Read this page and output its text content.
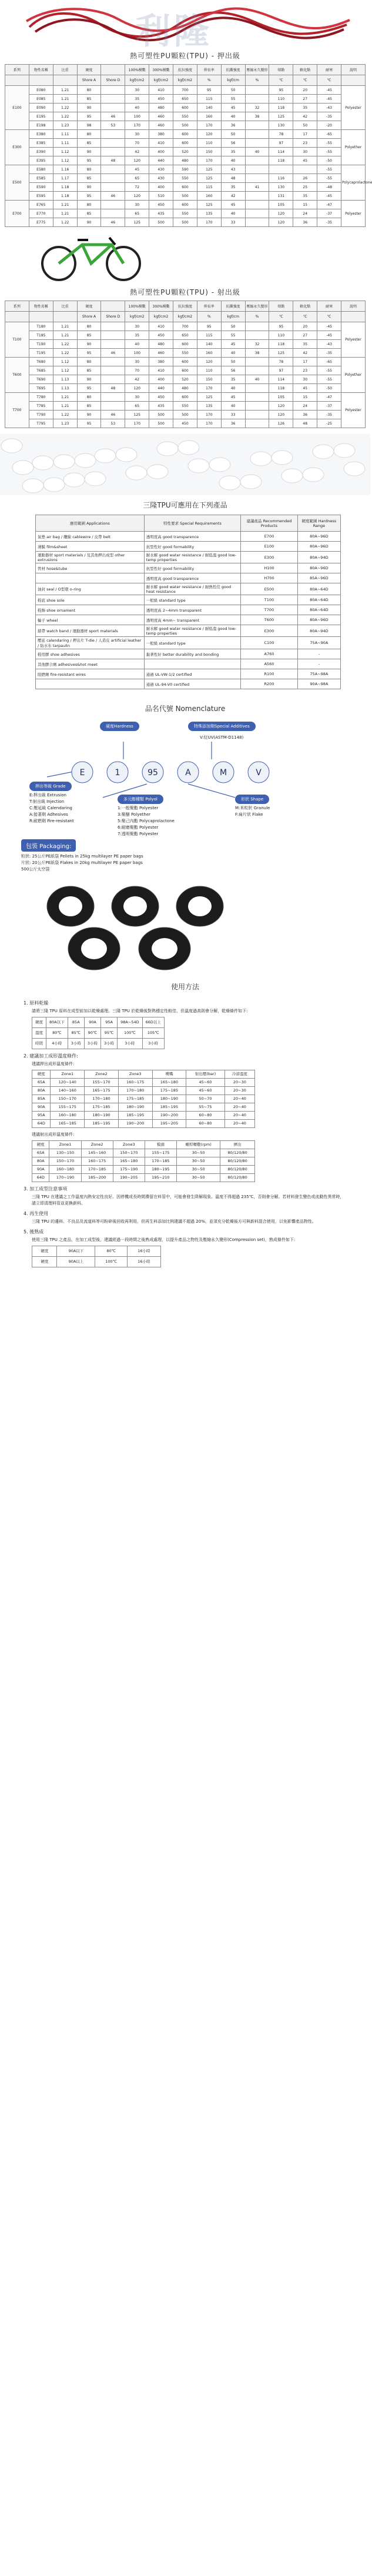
利隆
熱可塑性PU顆粒(TPU) - 押出級
系列	物性名稱	比重	硬度		100%模數	300%模數	抗拉強度	伸長率	抗撕強度	壓縮永久變形	熔點	軟化點	耐寒	說明
			Shore A	Shore D	kgf/cm2	kgf/cm2	kgf/cm2	%	kgf/cm	%	℃	℃	℃	
E100	E080	1.21	80		30	410	700	95	50		95	20	-45	Polyester
	E085	1.21	85		35	450	650	115	55		110	27	-45	
	E090	1.22	90		40	480	600	140	45	32	118	35	-43	
	E195	1.22	95	46	100	460	550	160	40	38	125	42	-35	
	E198	1.23	98	53	170	460	500	170	36		130	50	-20	
E300	E380	1.11	80		30	380	600	120	50		78	17	-65	Polyether
	E385	1.11	85		70	410	600	110	56		97	23	-55	
	E390	1.12	90		42	400	520	150	35	40	114	30	-55	
	E395	1.12	95	48	120	440	480	170	40		118	45	-50	
E500	E580	1.16	80		45	430	590	125	43				-55	Polycaprolactone
	E585	1.17	85		65	430	550	125	48		116	26	-55	
	E590	1.18	90		72	400	600	115	35	41	130	25	-48	
	E595	1.18	95	46	120	510	500	160	42		131	35	-45	
E700	E765	1.21	80		30	450	600	125	45		105	15	-47	Polyester
	E770	1.21	85		65	435	550	135	40		120	24	-37	
	E775	1.22	90	46	125	500	500	170	33		120	36	-35	
熱可塑性PU顆粒(TPU) - 射出級
系列	物性名稱	比重	硬度		100%模數	300%模數	抗拉強度	伸長率	抗撕強度	壓縮永久變形	熔點	軟化點	耐寒	說明
			Shore A	Shore D	kgf/cm2	kgf/cm2	kgf/cm2	%	kgf/cm	%	℃	℃	℃	
T100	T180	1.21	80		30	410	700	95	50		95	20	-45	Polyester
	T185	1.21	85		35	450	650	115	55		110	27	-45	
	T190	1.22	90		40	480	600	140	45	32	118	35	-43	
	T195	1.22	95	46	100	460	550	160	40	38	125	42	-35	
T600	T680	1.12	80		30	380	600	120	50		78	17	-65	Polyether
	T685	1.12	85		70	410	600	110	56		97	23	-55	
	T690	1.13	90		42	400	520	150	35	40	114	30	-55	
	T695	1.13	95	48	120	440	480	170	40		118	45	-50	
T700	T780	1.21	80		30	450	600	125	45		105	15	-47	Polyester
	T785	1.21	85		65	435	550	135	40		120	24	-37	
	T790	1.22	90	46	125	500	500	170	33		120	36	-35	
	T795	1.23	95	53	170	500	450	170	36		126	48	-25	
三隆TPU可應用在下列產品
應用範圍 Applications	特性要求 Special Requirements	建議產品 Recommended Products	硬度範圍 Hardness Range
氣墊 air bag / 纜線 cablewire / 皮帶 belt	透明度高 good transparence	E700	80A~96D
薄膜 film&sheet	抗型性好 good formability	E100	80A~96D
運動器材 sport materials / 及其他押出成型 other extrusions	耐水解 good water resistance / 耐低溫 good low-temp properties	E300	80A~94D
管材 hose&tube	抗型性好 good formability	H100	80A~96D
	透明度高 good transparence	H700	85A~96D
油封 seal / O型環 o-ring	耐水解 good water resistance / 耐熱性佳 good heat resistance	E500	80A~64D
鞋底 shoe sole	一般級 standard type	T100	80A~64D
鞋飾 shoe ornament	透明度高 2~4mm transparent	T700	80A~64D
輪子 wheel	透明度高 4mm~ transparent	T600	80A~96D
錶帶 watch band / 運動器材 sport materials	耐水解 good water resistance / 耐低溫 good low-temp properties	E300	80A~94D
壓延 calendaring / 押出片 T-die / 人造皮 artificial leather / 防水布 tarpaulin	一般級 standard type	C100	75A~90A
鞋用膠 shoe adhesives	黏著性好 better durability and bonding	A760	-
其他膠合劑 adhesives&hot meet		A560	-
阻燃劑 fire-resistant wires	通過 UL-VW-1/2 certified	R100	75A~98A
	通過 UL-94-V0 certified	R200	90A~98A
品名代號 Nomenclature
硬度Hardness	特殊添加劑Special Additives
V:紅UV(ASTM-D1148)
E	1	95	A	M	V
押出等級 Grade
E:押出級 Extrusion
T:射出級 Injection
C:壓延級 Calendaring
A:接著劑 Adhesives
R:耐燃劑 Fire-resistant
多元醇種類 Polyol
1:一般聚酯 Polyester
3:聚醚 Polyether
5:聚己內酯 Polycaprolactone
6:耐磨聚酯 Polyester
7:透明聚酯 Polyester
形狀 Shape
M:米粒狀 Granule
F:扁片狀 Flake
包裝 Packaging:
粒狀: 25公斤PE紙袋 Pellets in 25kg multilayer PE paper bags
片狀: 20公斤PE紙袋 Flakes in 20kg multilayer PE paper bags
500公斤太空袋
使用方法
1. 原料乾燥

請將三隆 TPU 原料在成型前加以乾燥處理。三隆 TPU 於乾燥後對熱穩定性較佳，但溫度過高則會分解，乾燥條件如下:

硬度	80A以下	85A	90A	95A	98A~54D	66D以上
溫度	80℃	85℃	90℃	95℃	100℃	105℃
時間	4小時	3小時	3小時	3小時	3小時	3小時
2. 建議加工成形溫度條件:

建議押出成形溫度條件:

硬度	Zone1	Zone2	Zone3	噴嘴	射出壓(bar)	冷卻溫度
65A	120~140	155~170	160~175	165~180	45~60	20~30
80A	140~160	165~175	170~180	175~185	45~60	20~30
85A	150~170	170~180	175~185	180~190	50~70	20~40
90A	155~175	175~185	180~190	185~195	55~75	20~40
95A	160~180	180~190	185~195	190~200	60~80	20~40
64D	165~185	185~195	190~200	195~205	60~80	20~40

建議射出成形溫度條件:

硬度	Zone1	Zone2	Zone3	模頭	螺桿轉數(rpm)	擠出
65A	130~150	145~160	150~170	155~175	30~50	80/120/80
80A	150~170	160~175	165~180	170~185	30~50	80/120/80
90A	160~180	170~185	175~190	180~195	30~50	80/120/80
64D	170~190	185~200	190~205	195~210	30~50	80/120/80
3. 加工成型注意事項

三隆 TPU 在建議之工作溫度內熱安定性良好。因停機或長時間滯留在料管中，可能會發生降解現象。溫度不得超過 235℃，否則會分解。若材料發生變色或流動性異常時，請立即清理料管並更換新料。

4. 再生使用

三隆 TPU 的邊料、不良品及流道料等可粉碎後回收再利用，但再生料添加比例建議不超過 20%，並須充分乾燥後方可與新料混合使用，以免影響產品物性。

5. 後熟成

使用三隆 TPU 之產品，在加工成型後，建議經過一段時間之後熟成處理，以提升產品之物性及壓縮永久變形(Compression set)，熟成條件如下:

硬度	90A以下	80℃	16小時
硬度	90A以上	100℃	16小時
